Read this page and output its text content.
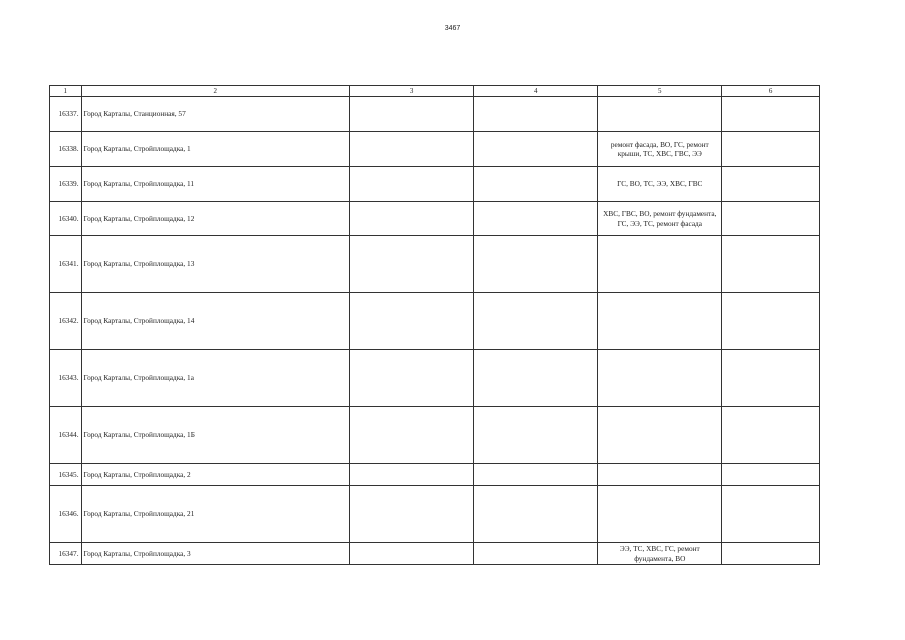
3467
1	2	3	4	5	6
16337.	Город Карталы, Станционная, 57				
16338.	Город Карталы, Стройплощадка, 1			ремонт фасада, ВО, ГС, ремонт крыши, ТС, ХВС, ГВС, ЭЭ	
16339.	Город Карталы, Стройплощадка, 11			ГС, ВО, ТС, ЭЭ, ХВС, ГВС	
16340.	Город Карталы, Стройплощадка, 12			ХВС, ГВС, ВО, ремонт фундамента, ГС, ЭЭ, ТС, ремонт фасада	
16341.	Город Карталы, Стройплощадка, 13				
16342.	Город Карталы, Стройплощадка, 14				
16343.	Город Карталы, Стройплощадка, 1а				
16344.	Город Карталы, Стройплощадка, 1Б				
16345.	Город Карталы, Стройплощадка, 2				
16346.	Город Карталы, Стройплощадка, 21				
16347.	Город Карталы, Стройплощадка, 3			ЭЭ, ТС, ХВС, ГС, ремонт фундамента, ВО	
